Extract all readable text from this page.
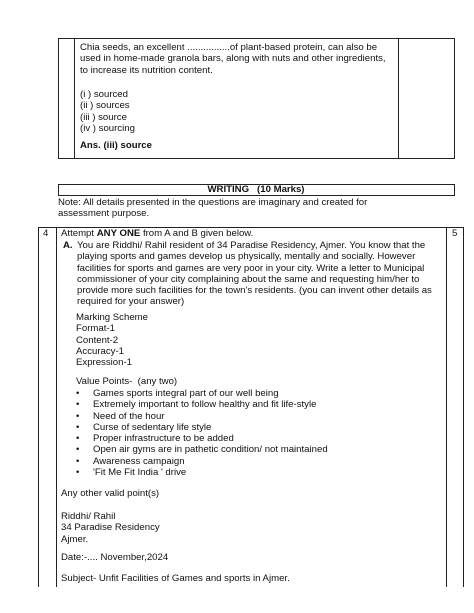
Chia seeds, an excellent ................of plant-based protein, can also be used in home-made granola bars, along with nuts and other ingredients, to increase its nutrition content.

(i ) sourced

(ii ) sources

(iii ) source

(iv ) sourcing

Ans. (iii) source
WRITING   (10 Marks)

Note: All details presented in the questions are imaginary and created for assessment purpose.

4	5
Attempt ANY ONE from A and B given below.
A. You are Riddhi/ Rahil resident of 34 Paradise Residency, Ajmer. You know that the playing sports and games develop us physically, mentally and socially. However facilities for sports and games are very poor in your city. Write a letter to Municipal commissioner of your city complaining about the same and requesting him/her to provide more such facilities for the town's residents. (you can invent other details as required for your answer)

Marking Scheme

Format-1

Content-2

Accuracy-1

Expression-1

Value Points-  (any two)
• Games sports integral part of our well being
• Extremely important to follow healthy and fit life-style
• Need of the hour
• Curse of sedentary life style
• Proper infrastructure to be added
• Open air gyms are in pathetic condition/ not maintained
• Awareness campaign
• 'Fit Me Fit India ' drive
Any other valid point(s)

Riddhi/ Rahil

34 Paradise Residency

Ajmer.

Date:-.... November,2024
Subject- Unfit Facilities of Games and sports in Ajmer.
